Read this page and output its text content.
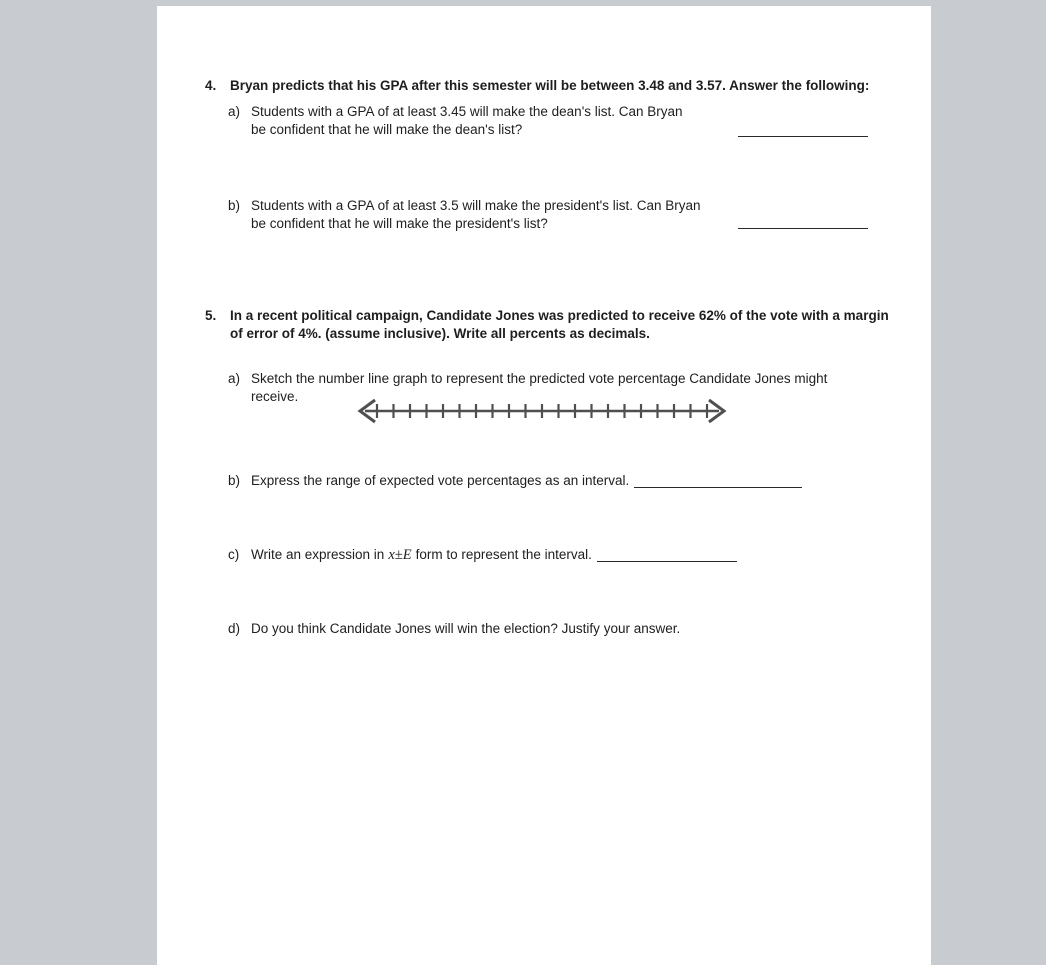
4. Bryan predicts that his GPA after this semester will be between 3.48 and 3.57. Answer the following:
a) Students with a GPA of at least 3.45 will make the dean's list. Can Bryan
be confident that he will make the dean's list?
b) Students with a GPA of at least 3.5 will make the president's list. Can Bryan
be confident that he will make the president's list?
5. In a recent political campaign, Candidate Jones was predicted to receive 62% of the vote with a margin
of error of 4%. (assume inclusive). Write all percents as decimals.
a) Sketch the number line graph to represent the predicted vote percentage Candidate Jones might
receive.
b) Express the range of expected vote percentages as an interval.
c) Write an expression in x±E form to represent the interval.
d) Do you think Candidate Jones will win the election? Justify your answer.
